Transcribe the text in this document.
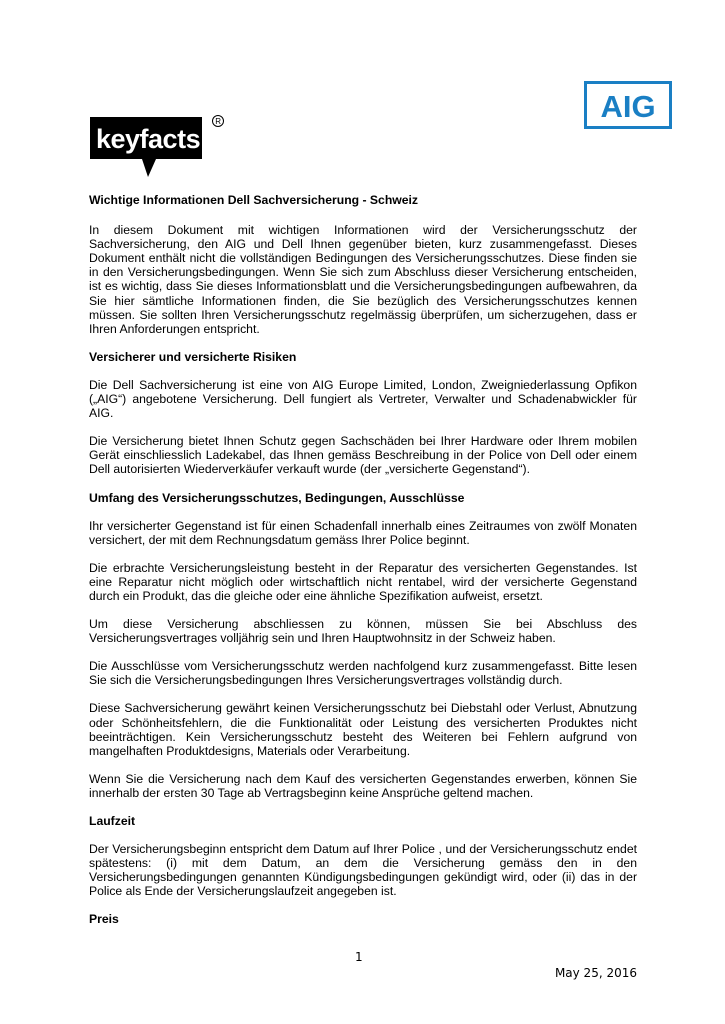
keyfacts
R	AIG
Wichtige Informationen Dell Sachversicherung - Schweiz

In diesem Dokument mit wichtigen Informationen wird der Versicherungsschutz der Sachversicherung, den AIG und Dell Ihnen gegenüber bieten, kurz zusammengefasst. Dieses Dokument enthält nicht die vollständigen Bedingungen des Versicherungsschutzes. Diese finden sie in den Versicherungsbedingungen. Wenn Sie sich zum Abschluss dieser Versicherung entscheiden, ist es wichtig, dass Sie dieses Informationsblatt und die Versicherungsbedingungen aufbewahren, da Sie hier sämtliche Informationen finden, die Sie bezüglich des Versicherungsschutzes kennen müssen. Sie sollten Ihren Versicherungsschutz regelmässig überprüfen, um sicherzugehen, dass er Ihren Anforderungen entspricht.

Versicherer und versicherte Risiken

Die Dell Sachversicherung ist eine von AIG Europe Limited, London, Zweigniederlassung Opfikon („AIG“) angebotene Versicherung. Dell fungiert als Vertreter, Verwalter und Schadenabwickler für AIG.

Die Versicherung bietet Ihnen Schutz gegen Sachschäden bei Ihrer Hardware oder Ihrem mobilen Gerät einschliesslich Ladekabel, das Ihnen gemäss Beschreibung in der Police von Dell oder einem Dell autorisierten Wiederverkäufer verkauft wurde (der „versicherte Gegenstand“).

Umfang des Versicherungsschutzes, Bedingungen, Ausschlüsse

Ihr versicherter Gegenstand ist für einen Schadenfall innerhalb eines Zeitraumes von zwölf Monaten versichert, der mit dem Rechnungsdatum gemäss Ihrer Police beginnt.

Die erbrachte Versicherungsleistung besteht in der Reparatur des versicherten Gegenstandes. Ist eine Reparatur nicht möglich oder wirtschaftlich nicht rentabel, wird der versicherte Gegenstand durch ein Produkt, das die gleiche oder eine ähnliche Spezifikation aufweist, ersetzt.

Um diese Versicherung abschliessen zu können, müssen Sie bei Abschluss des Versicherungsvertrages volljährig sein und Ihren Hauptwohnsitz in der Schweiz haben.

Die Ausschlüsse vom Versicherungsschutz werden nachfolgend kurz zusammengefasst. Bitte lesen Sie sich die Versicherungsbedingungen Ihres Versicherungsvertrages vollständig durch.

Diese Sachversicherung gewährt keinen Versicherungsschutz bei Diebstahl oder Verlust, Abnutzung oder Schönheitsfehlern, die die Funktionalität oder Leistung des versicherten Produktes nicht beeinträchtigen. Kein Versicherungsschutz besteht des Weiteren bei Fehlern aufgrund von mangelhaften Produktdesigns, Materials oder Verarbeitung.

Wenn Sie die Versicherung nach dem Kauf des versicherten Gegenstandes erwerben, können Sie innerhalb der ersten 30 Tage ab Vertragsbeginn keine Ansprüche geltend machen.

Laufzeit

Der Versicherungsbeginn entspricht dem Datum auf Ihrer Police , und der Versicherungsschutz endet spätestens: (i) mit dem Datum, an dem die Versicherung gemäss den in den Versicherungsbedingungen genannten Kündigungsbedingungen gekündigt wird, oder (ii) das in der Police als Ende der Versicherungslaufzeit angegeben ist.

Preis
1
May 25, 2016
